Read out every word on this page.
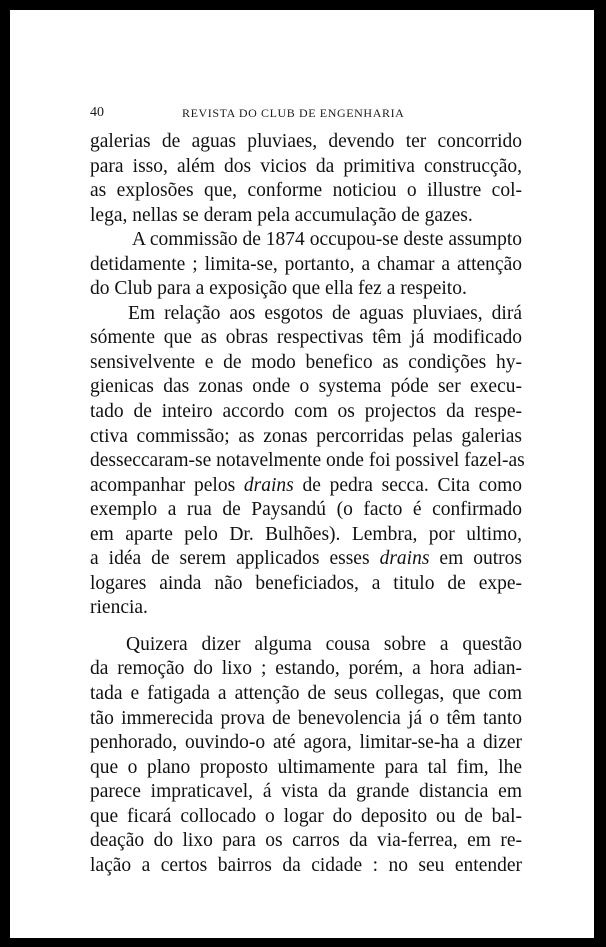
40	REVISTA DO CLUB DE ENGENHARIA
galerias de aguas pluviaes, devendo ter concorrido
para isso, além dos vicios da primitiva construcção,
as explosões que, conforme noticiou o illustre col-
lega, nellas se deram pela accumulação de gazes.
A commissão de 1874 occupou-se deste assumpto
detidamente ; limita-se, portanto, a chamar a attenção
do Club para a exposição que ella fez a respeito.
Em relação aos esgotos de aguas pluviaes, dirá
sómente que as obras respectivas têm já modificado
sensivelvente e de modo benefico as condições hy-
gienicas das zonas onde o systema póde ser execu-
tado de inteiro accordo com os projectos da respe-
ctiva commissão; as zonas percorridas pelas galerias
desseccaram-se notavelmente onde foi possivel fazel-as
acompanhar pelos drains de pedra secca. Cita como
exemplo a rua de Paysandú (o facto é confirmado
em aparte pelo Dr. Bulhões). Lembra, por ultimo,
a idéa de serem applicados esses drains em outros
logares ainda não beneficiados, a titulo de expe-
riencia.
Quizera dizer alguma cousa sobre a questão
da remoção do lixo ; estando, porém, a hora adian-
tada e fatigada a attenção de seus collegas, que com
tão immerecida prova de benevolencia já o têm tanto
penhorado, ouvindo-o até agora, limitar-se-ha a dizer
que o plano proposto ultimamente para tal fim, lhe
parece impraticavel, á vista da grande distancia em
que ficará collocado o logar do deposito ou de bal-
deação do lixo para os carros da via-ferrea, em re-
lação a certos bairros da cidade : no seu entender
